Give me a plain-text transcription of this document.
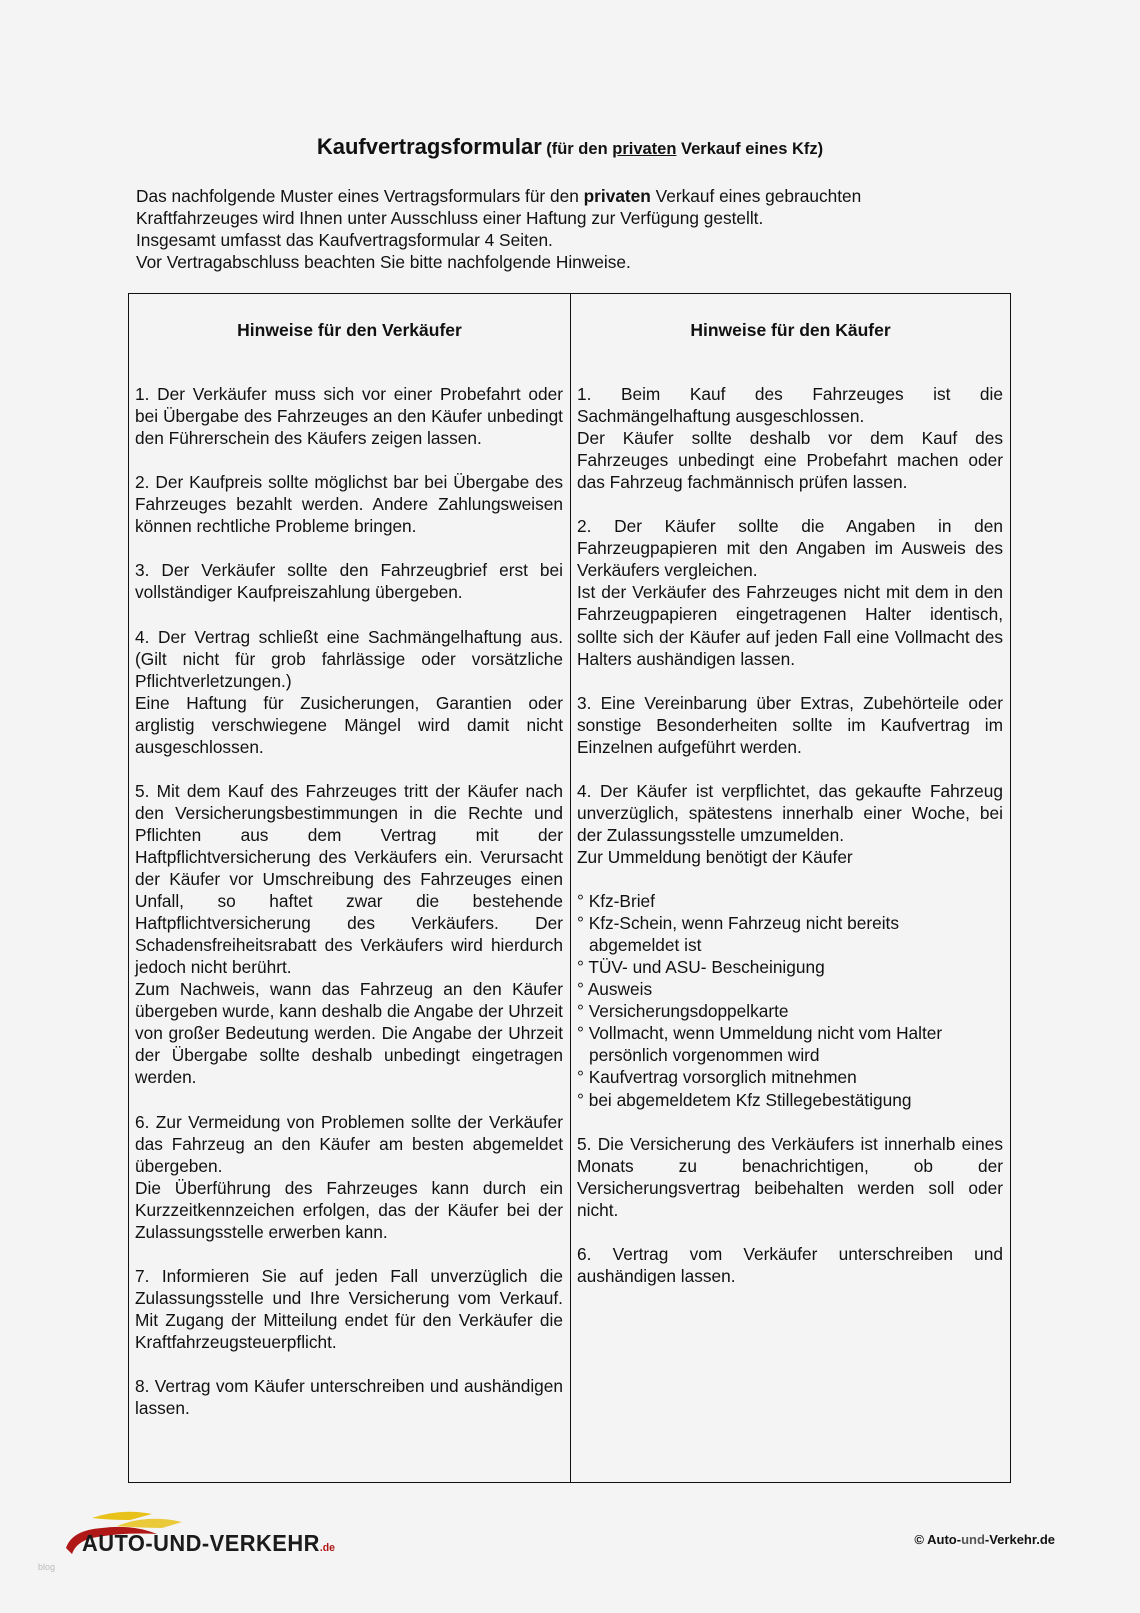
Kaufvertragsformular (für den privaten Verkauf eines Kfz)

Das nachfolgende Muster eines Vertragsformulars für den privaten Verkauf eines gebrauchten

Kraftfahrzeuges wird Ihnen unter Ausschluss einer Haftung zur Verfügung gestellt.

Insgesamt umfasst das Kaufvertragsformular 4 Seiten.

Vor Vertragabschluss beachten Sie bitte nachfolgende Hinweise.

Hinweise für den Verkäufer
1. Der Verkäufer muss sich vor einer Probefahrt oder bei Übergabe des Fahrzeuges an den Käufer unbedingt den Führerschein des Käufers zeigen lassen.
2. Der Kaufpreis sollte möglichst bar bei Übergabe des Fahrzeuges bezahlt werden. Andere Zahlungsweisen können rechtliche Probleme bringen.
3. Der Verkäufer sollte den Fahrzeugbrief erst bei vollständiger Kaufpreiszahlung übergeben.
4. Der Vertrag schließt eine Sachmängelhaftung aus. (Gilt nicht für grob fahrlässige oder vorsätzliche Pflichtverletzungen.)
Eine Haftung für Zusicherungen, Garantien oder arglistig verschwiegene Mängel wird damit nicht ausgeschlossen.
5. Mit dem Kauf des Fahrzeuges tritt der Käufer nach den Versicherungsbestimmungen in die Rechte und Pflichten aus dem Vertrag mit der Haftpflichtversicherung des Verkäufers ein. Verursacht der Käufer vor Umschreibung des Fahrzeuges einen Unfall, so haftet zwar die bestehende Haftpflichtversicherung des Verkäufers. Der Schadensfreiheitsrabatt des Verkäufers wird hierdurch jedoch nicht berührt.
Zum Nachweis, wann das Fahrzeug an den Käufer übergeben wurde, kann deshalb die Angabe der Uhrzeit von großer Bedeutung werden. Die Angabe der Uhrzeit der Übergabe sollte deshalb unbedingt eingetragen werden.
6. Zur Vermeidung von Problemen sollte der Verkäufer das Fahrzeug an den Käufer am besten abgemeldet übergeben.
Die Überführung des Fahrzeuges kann durch ein Kurzzeitkennzeichen erfolgen, das der Käufer bei der Zulassungsstelle erwerben kann.
7. Informieren Sie auf jeden Fall unverzüglich die Zulassungsstelle und Ihre Versicherung vom Verkauf. Mit Zugang der Mitteilung endet für den Verkäufer die Kraftfahrzeugsteuerpflicht.
8. Vertrag vom Käufer unterschreiben und aushändigen lassen.
Hinweise für den Käufer
1. Beim Kauf des Fahrzeuges ist die Sachmängelhaftung ausgeschlossen.
Der Käufer sollte deshalb vor dem Kauf des Fahrzeuges unbedingt eine Probefahrt machen oder das Fahrzeug fachmännisch prüfen lassen.
2. Der Käufer sollte die Angaben in den Fahrzeugpapieren mit den Angaben im Ausweis des Verkäufers vergleichen.
Ist der Verkäufer des Fahrzeuges nicht mit dem in den Fahrzeugpapieren eingetragenen Halter identisch, sollte sich der Käufer auf jeden Fall eine Vollmacht des Halters aushändigen lassen.
3. Eine Vereinbarung über Extras, Zubehörteile oder sonstige Besonderheiten sollte im Kaufvertrag im Einzelnen aufgeführt werden.
4. Der Käufer ist verpflichtet, das gekaufte Fahrzeug unverzüglich, spätestens innerhalb einer Woche, bei der Zulassungsstelle umzumelden.
Zur Ummeldung benötigt der Käufer
° Kfz-Brief
° Kfz-Schein, wenn Fahrzeug nicht bereits
abgemeldet ist
° TÜV- und ASU- Bescheinigung
° Ausweis
° Versicherungsdoppelkarte
° Vollmacht, wenn Ummeldung nicht vom Halter
persönlich vorgenommen wird
° Kaufvertrag vorsorglich mitnehmen
° bei abgemeldetem Kfz Stillegebestätigung
5. Die Versicherung des Verkäufers ist innerhalb eines Monats zu benachrichtigen, ob der Versicherungsvertrag beibehalten werden soll oder nicht.
6. Vertrag vom Verkäufer unterschreiben und aushändigen lassen.
AUTO-UND-VERKEHR.de
© Auto-und-Verkehr.de
blog
